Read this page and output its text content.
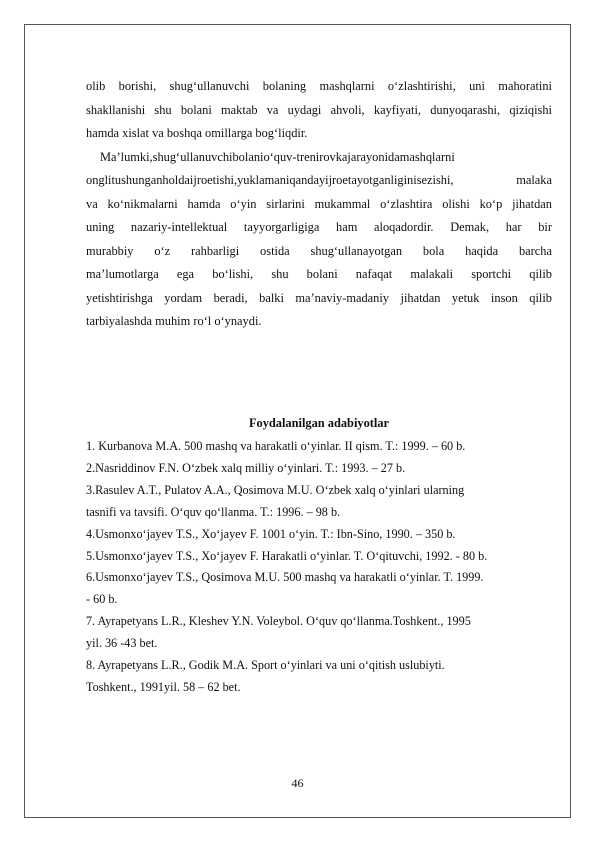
olib borishi, shug‘ullanuvchi bolaning mashqlarni o‘zlashtirishi, uni mahoratini

shakllanishi shu bolani maktab va uydagi ahvoli, kayfiyati, dunyoqarashi, qiziqishi

hamda xislat va boshqa omillarga bog‘liqdir.

Ma’lumki,shug‘ullanuvchibolanio‘quv-trenirovkajarayonidamashqlarni

onglitushunganholdaijroetishi,yuklamaniqandayijroetayotganliginisezishi, malaka

va ko‘nikmalarni hamda o‘yin sirlarini mukammal o‘zlashtira olishi ko‘p jihatdan

uning nazariy-intellektual tayyorgarligiga ham aloqadordir. Demak, har bir

murabbiy o‘z rahbarligi ostida shug‘ullanayotgan bola haqida barcha

ma’lumotlarga ega bo‘lishi, shu bolani nafaqat malakali sportchi qilib

yetishtirishga yordam beradi, balki ma’naviy-madaniy jihatdan yetuk inson qilib

tarbiyalashda muhim ro‘l o‘ynaydi.

Foydalanilgan adabiyotlar

1. Kurbanova M.A. 500 mashq va harakatli o‘yinlar. II qism. T.: 1999. – 60 b.

2.Nasriddinov F.N. O‘zbek xalq milliy o‘yinlari. T.: 1993. – 27 b.

3.Rasulev A.T., Pulatov A.A., Qosimova M.U. O‘zbek xalq o‘yinlari ularning

tasnifi va tavsifi. O‘quv qo‘llanma. T.: 1996. – 98 b.

4.Usmonxo‘jayev T.S., Xo‘jayev F. 1001 o‘yin. T.: Ibn-Sino, 1990. – 350 b.

5.Usmonxo‘jayev T.S., Xo‘jayev F. Harakatli o‘yinlar. T. O‘qituvchi, 1992. - 80 b.

6.Usmonxo‘jayev T.S., Qosimova M.U. 500 mashq va harakatli o‘yinlar. T. 1999.

- 60 b.

7. Ayrapetyans L.R., Kleshev Y.N. Voleybol. O‘quv qo‘llanma.Toshkent., 1995

yil. 36 -43 bet.

8. Ayrapetyans L.R., Godik M.A. Sport o‘yinlari va uni o‘qitish uslubiyti.

Toshkent., 1991yil. 58 – 62 bet.

46
